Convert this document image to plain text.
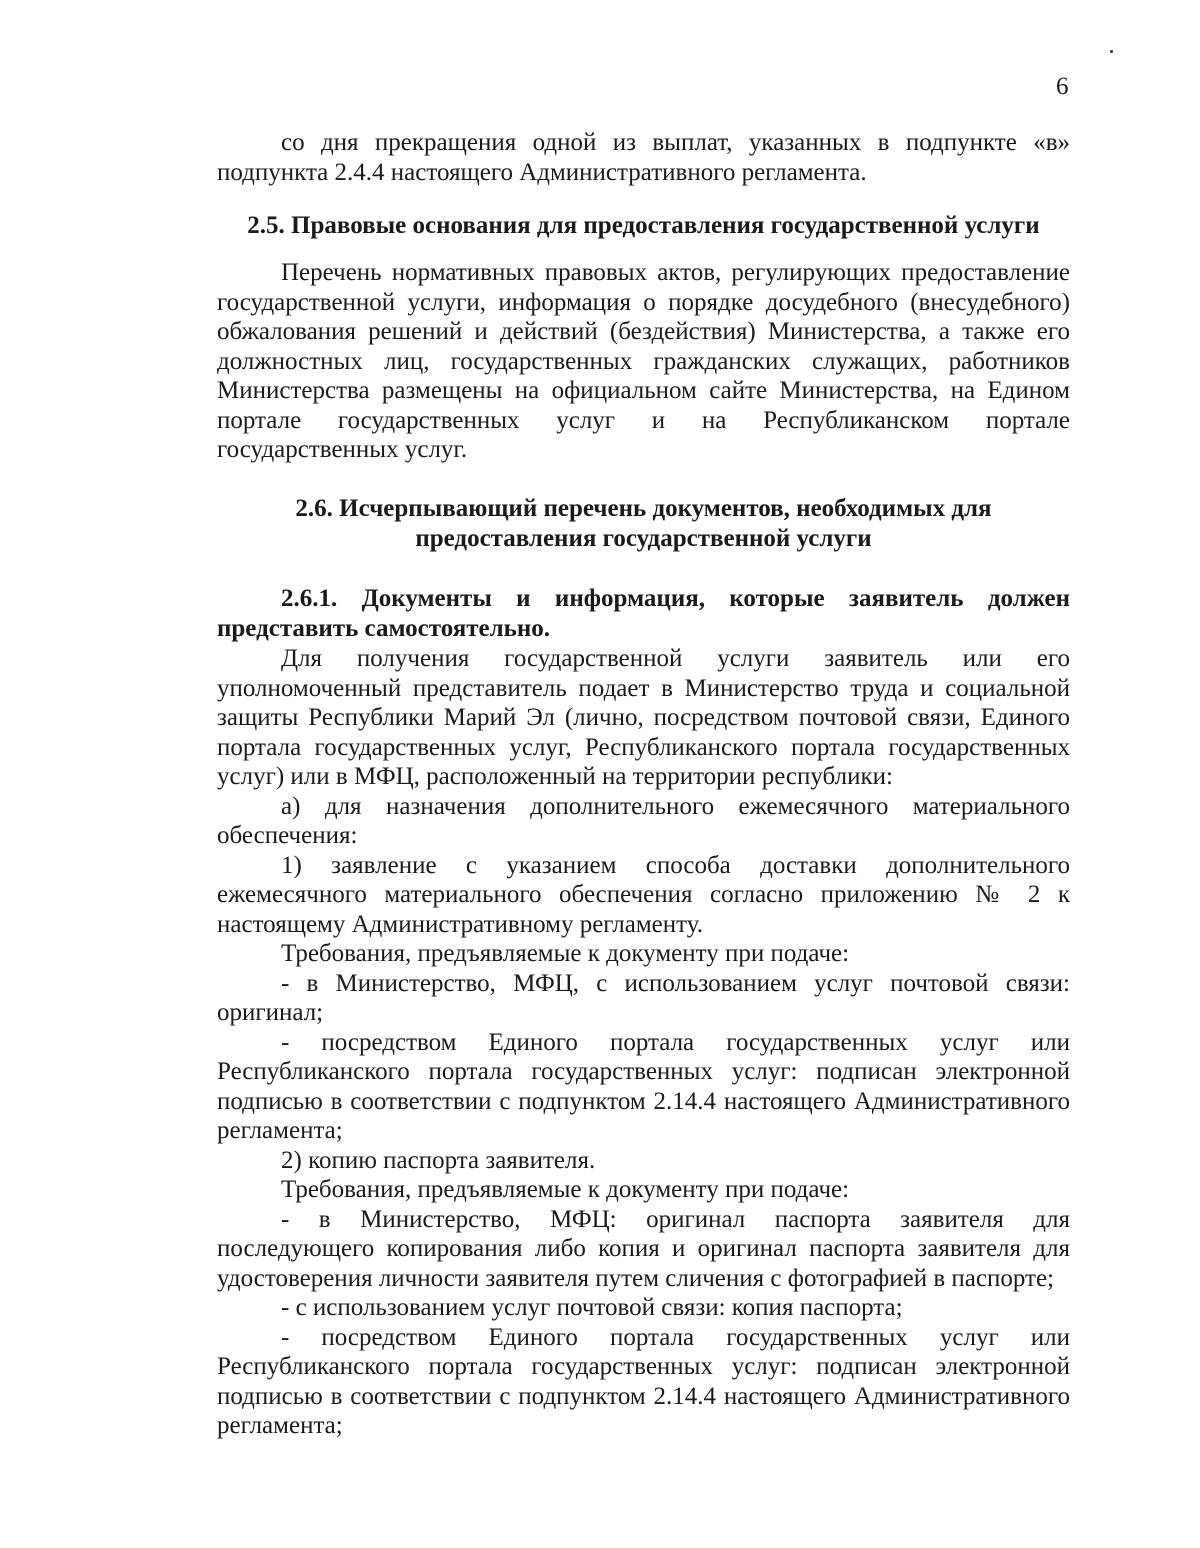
6

со дня прекращения одной из выплат, указанных в подпункте «в» подпункта 2.4.4 настоящего Административного регламента.

2.5. Правовые основания для предоставления государственной услуги

Перечень нормативных правовых актов, регулирующих предоставление государственной услуги, информация о порядке досудебного (внесудебного) обжалования решений и действий (бездействия) Министерства, а также его должностных лиц, государственных гражданских служащих, работников Министерства размещены на официальном сайте Министерства, на Едином портале государственных услуг и на Республиканском портале государственных услуг.

2.6. Исчерпывающий перечень документов, необходимых для

предоставления государственной услуги

2.6.1. Документы и информация, которые заявитель должен представить самостоятельно.

Для получения государственной услуги заявитель или его уполномоченный представитель подает в Министерство труда и социальной защиты Республики Марий Эл (лично, посредством почтовой связи, Единого портала государственных услуг, Республиканского портала государственных услуг) или в МФЦ, расположенный на территории республики:

а) для назначения дополнительного ежемесячного материального обеспечения:

1) заявление с указанием способа доставки дополнительного ежемесячного материального обеспечения согласно приложению № 2 к настоящему Административному регламенту.

Требования, предъявляемые к документу при подаче:

- в Министерство, МФЦ, с использованием услуг почтовой связи: оригинал;

- посредством Единого портала государственных услуг или Республиканского портала государственных услуг: подписан электронной подписью в соответствии с подпунктом 2.14.4 настоящего Административного регламента;

2) копию паспорта заявителя.

Требования, предъявляемые к документу при подаче:

- в Министерство, МФЦ: оригинал паспорта заявителя для последующего копирования либо копия и оригинал паспорта заявителя для удостоверения личности заявителя путем сличения с фотографией в паспорте;

- с использованием услуг почтовой связи: копия паспорта;

- посредством Единого портала государственных услуг или Республиканского портала государственных услуг: подписан электронной подписью в соответствии с подпунктом 2.14.4 настоящего Административного регламента;
